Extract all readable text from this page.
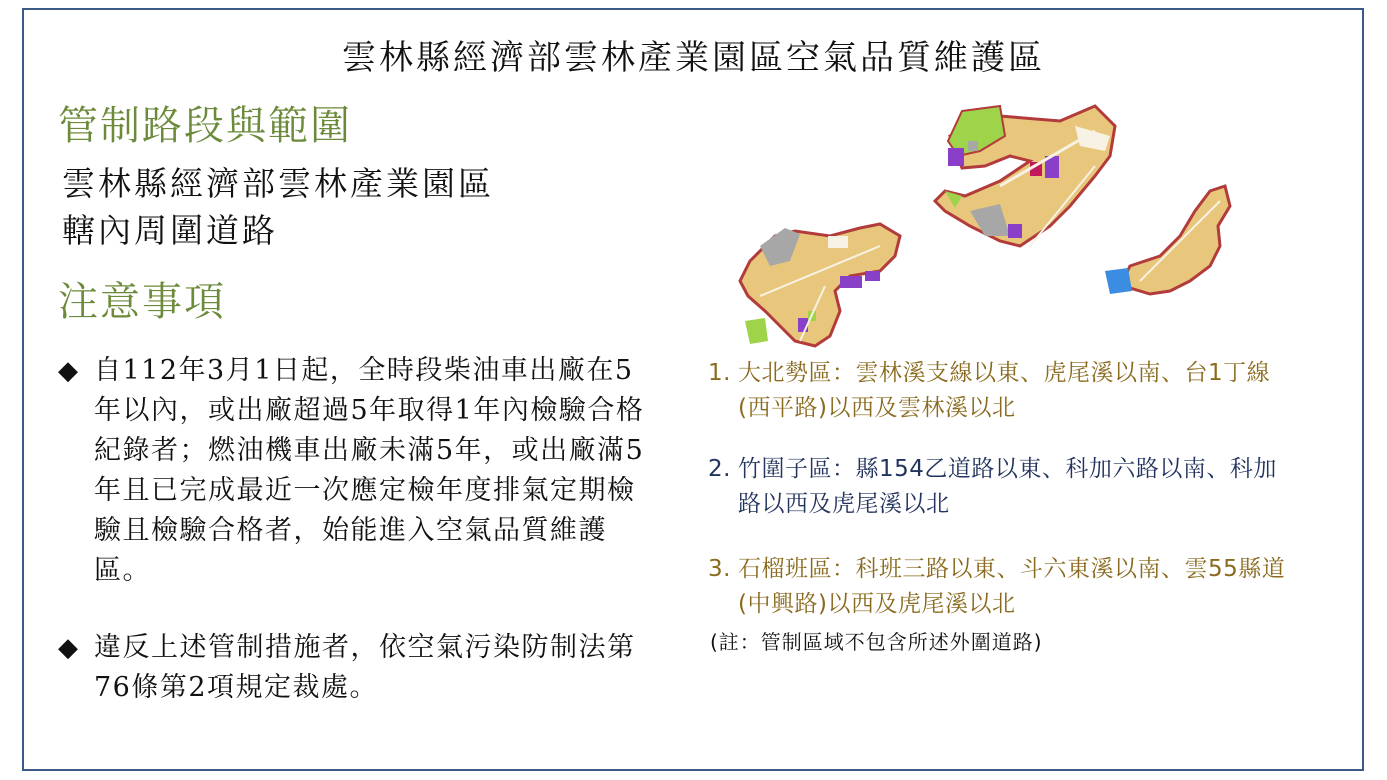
雲林縣經濟部雲林產業園區空氣品質維護區
管制路段與範圍
雲林縣經濟部雲林產業園區
轄內周圍道路
注意事項
◆ 自112年3月1日起，全時段柴油車出廠在5年以內，或出廠超過5年取得1年內檢驗合格紀錄者；燃油機車出廠未滿5年，或出廠滿5年且已完成最近一次應定檢年度排氣定期檢驗且檢驗合格者，始能進入空氣品質維護區。
◆ 違反上述管制措施者，依空氣污染防制法第76條第2項規定裁處。
1. 大北勢區：雲林溪支線以東、虎尾溪以南、台1丁線(西平路)以西及雲林溪以北
2. 竹圍子區：縣154乙道路以東、科加六路以南、科加路以西及虎尾溪以北
3. 石榴班區：科班三路以東、斗六東溪以南、雲55縣道(中興路)以西及虎尾溪以北
(註：管制區域不包含所述外圍道路)
